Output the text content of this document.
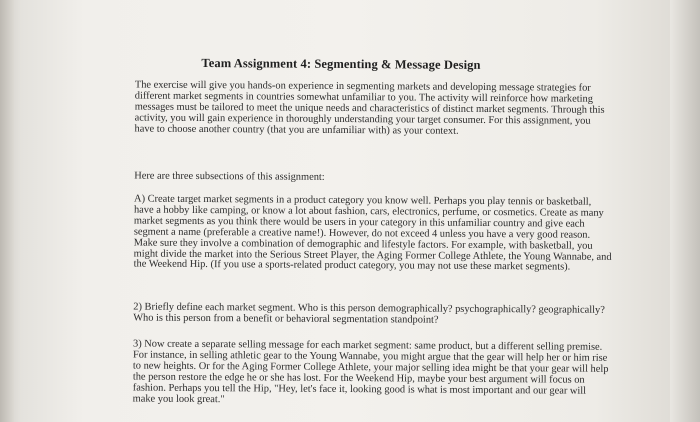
Team Assignment 4: Segmenting & Message Design
The exercise will give you hands-on experience in segmenting markets and developing message strategies for different market segments in countries somewhat unfamiliar to you. The activity will reinforce how marketing messages must be tailored to meet the unique needs and characteristics of distinct market segments. Through this activity, you will gain experience in thoroughly understanding your target consumer. For this assignment, you have to choose another country (that you are unfamiliar with) as your context.
Here are three subsections of this assignment:
A) Create target market segments in a product category you know well. Perhaps you play tennis or basketball, have a hobby like camping, or know a lot about fashion, cars, electronics, perfume, or cosmetics. Create as many market segments as you think there would be users in your category in this unfamiliar country and give each segment a name (preferable a creative name!). However, do not exceed 4 unless you have a very good reason. Make sure they involve a combination of demographic and lifestyle factors. For example, with basketball, you might divide the market into the Serious Street Player, the Aging Former College Athlete, the Young Wannabe, and the Weekend Hip. (If you use a sports-related product category, you may not use these market segments).
2) Briefly define each market segment. Who is this person demographically? psychographically? geographically? Who is this person from a benefit or behavioral segmentation standpoint?
3) Now create a separate selling message for each market segment: same product, but a different selling premise. For instance, in selling athletic gear to the Young Wannabe, you might argue that the gear will help her or him rise to new heights. Or for the Aging Former College Athlete, your major selling idea might be that your gear will help the person restore the edge he or she has lost. For the Weekend Hip, maybe your best argument will focus on fashion. Perhaps you tell the Hip, "Hey, let's face it, looking good is what is most important and our gear will make you look great."
